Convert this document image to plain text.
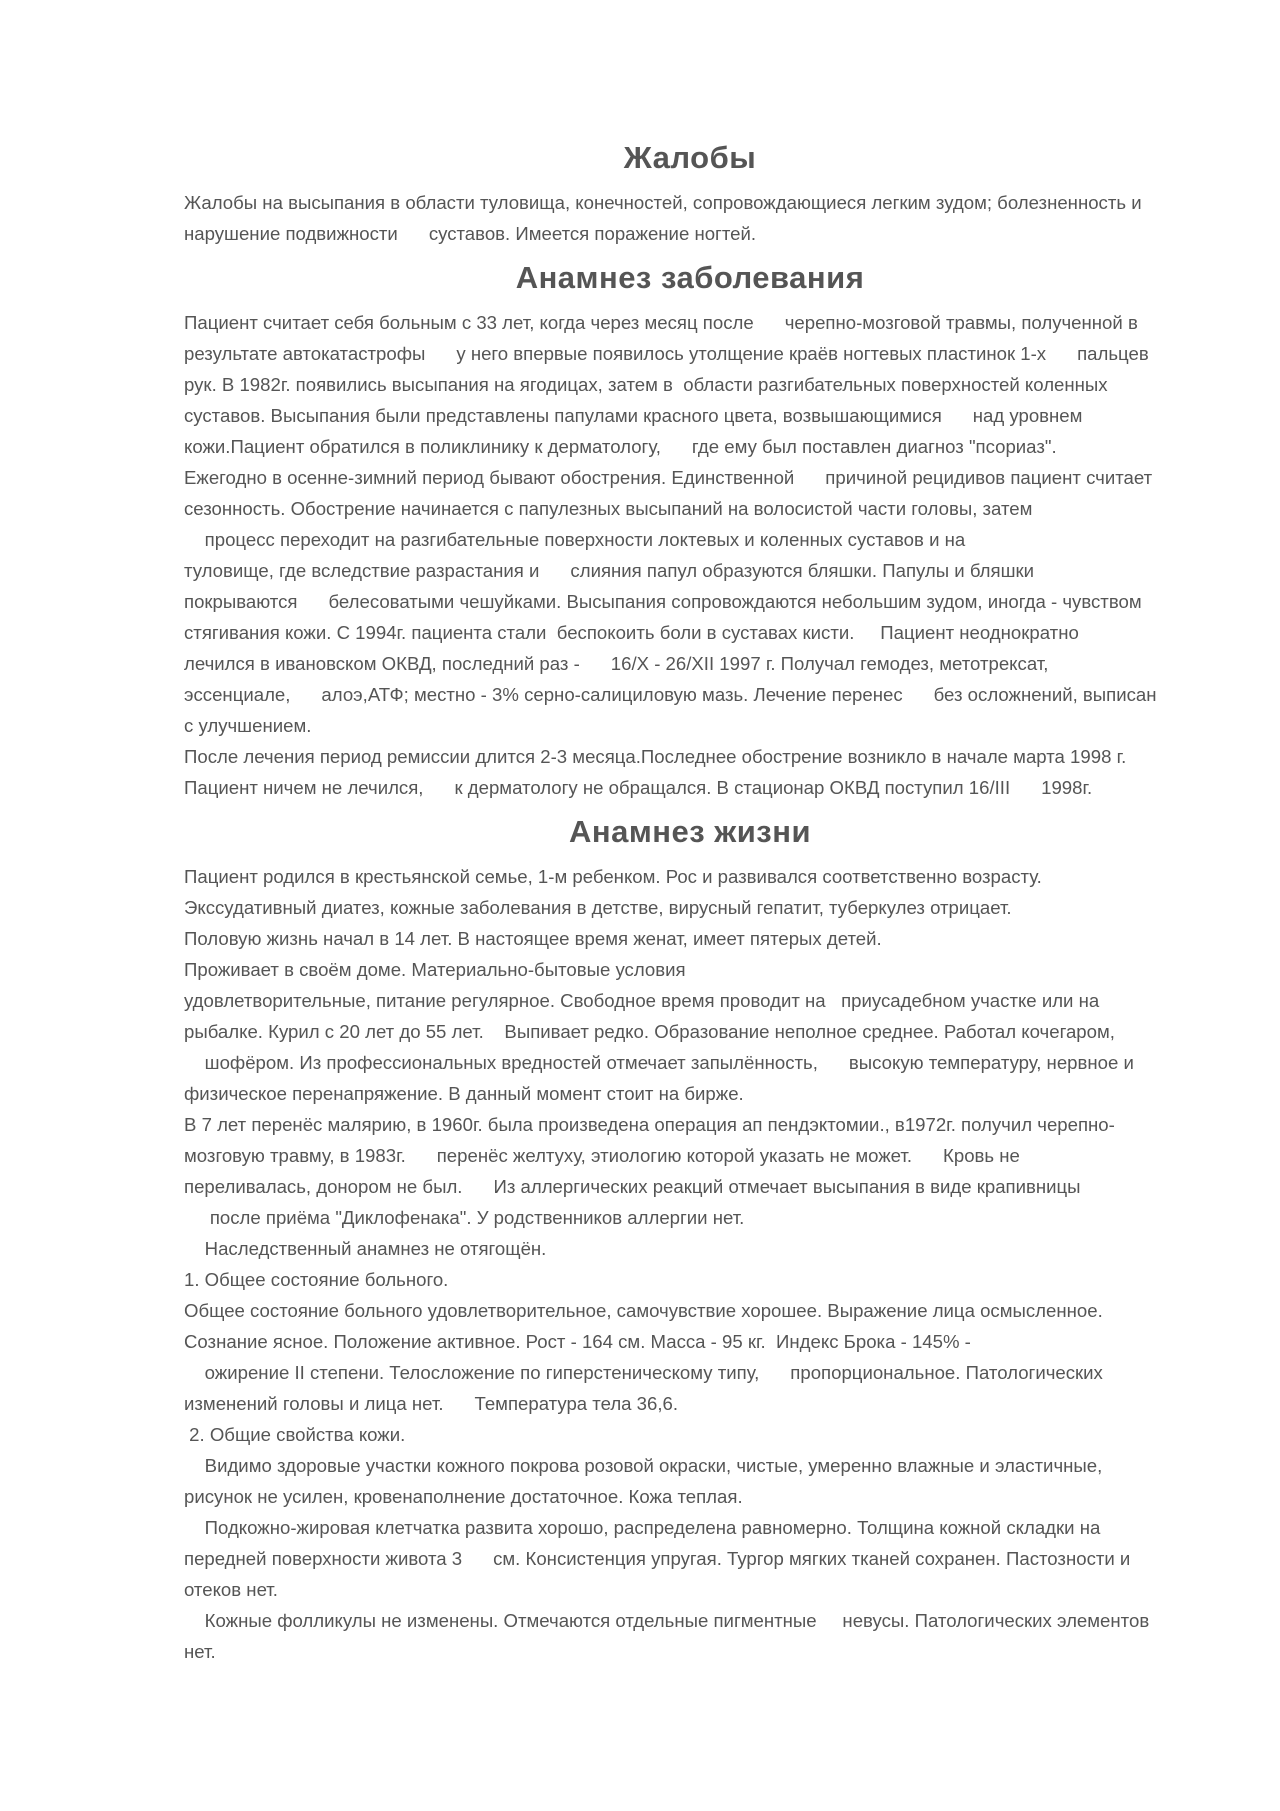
Жалобы
Жалобы на высыпания в области туловища, конечностей, сопровождающиеся легким зудом; болезненность и
нарушение подвижности      суставов. Имеется поражение ногтей.
Анамнез заболевания
Пациент считает себя больным с 33 лет, когда через месяц после      черепно-мозговой травмы, полученной в
результате автокатастрофы      у него впервые появилось утолщение краёв ногтевых пластинок 1-х      пальцев
рук. В 1982г. появились высыпания на ягодицах, затем в  области разгибательных поверхностей коленных
суставов. Высыпания были представлены папулами красного цвета, возвышающимися      над уровнем
кожи.Пациент обратился в поликлинику к дерматологу,      где ему был поставлен диагноз "псориаз".
Ежегодно в осенне-зимний период бывают обострения. Единственной      причиной рецидивов пациент считает
сезонность. Обострение начинается с папулезных высыпаний на волосистой части головы, затем
процесс переходит на разгибательные поверхности локтевых и коленных суставов и на
туловище, где вследствие разрастания и      слияния папул образуются бляшки. Папулы и бляшки
покрываются      белесоватыми чешуйками. Высыпания сопровождаются небольшим зудом, иногда - чувством
стягивания кожи. С 1994г. пациента стали  беспокоить боли в суставах кисти.     Пациент неоднократно
лечился в ивановском ОКВД, последний раз -      16/X - 26/XII 1997 г. Получал гемодез, метотрексат,
эссенциале,      алоэ,АТФ; местно - 3% серно-салициловую мазь. Лечение перенес      без осложнений, выписан
с улучшением.
После лечения период ремиссии длится 2-3 месяца.Последнее обострение возникло в начале марта 1998 г.
Пациент ничем не лечился,      к дерматологу не обращался. В стационар ОКВД поступил 16/III      1998г.
Анамнез жизни
Пациент родился в крестьянской семье, 1-м ребенком. Рос и развивался соответственно возрасту.
Экссудативный диатез, кожные заболевания в детстве, вирусный гепатит, туберкулез отрицает.
Половую жизнь начал в 14 лет. В настоящее время женат, имеет пятерых детей.
Проживает в своём доме. Материально-бытовые условия
удовлетворительные, питание регулярное. Свободное время проводит на   приусадебном участке или на
рыбалке. Курил с 20 лет до 55 лет.    Выпивает редко. Образование неполное среднее. Работал кочегаром,
шофёром. Из профессиональных вредностей отмечает запылённость,      высокую температуру, нервное и
физическое перенапряжение. В данный момент стоит на бирже.
В 7 лет перенёс малярию, в 1960г. была произведена операция ап пендэктомии., в1972г. получил черепно-
мозговую травму, в 1983г.      перенёс желтуху, этиологию которой указать не может.      Кровь не
переливалась, донором не был.      Из аллергических реакций отмечает высыпания в виде крапивницы
после приёма "Диклофенака". У родственников аллергии нет.
Наследственный анамнез не отягощён.
1. Общее состояние больного.
Общее состояние больного удовлетворительное, самочувствие хорошее. Выражение лица осмысленное.
Сознание ясное. Положение активное. Рост - 164 см. Масса - 95 кг.  Индекс Брока - 145% -
ожирение II степени. Телосложение по гиперстеническому типу,      пропорциональное. Патологических
изменений головы и лица нет.      Температура тела 36,6.
2. Общие свойства кожи.
Видимо здоровые участки кожного покрова розовой окраски, чистые, умеренно влажные и эластичные,
рисунок не усилен, кровенаполнение достаточное. Кожа теплая.
Подкожно-жировая клетчатка развита хорошо, распределена равномерно. Толщина кожной складки на
передней поверхности живота 3      см. Консистенция упругая. Тургор мягких тканей сохранен. Пастозности и
отеков нет.
Кожные фолликулы не изменены. Отмечаются отдельные пигментные     невусы. Патологических элементов
нет.
